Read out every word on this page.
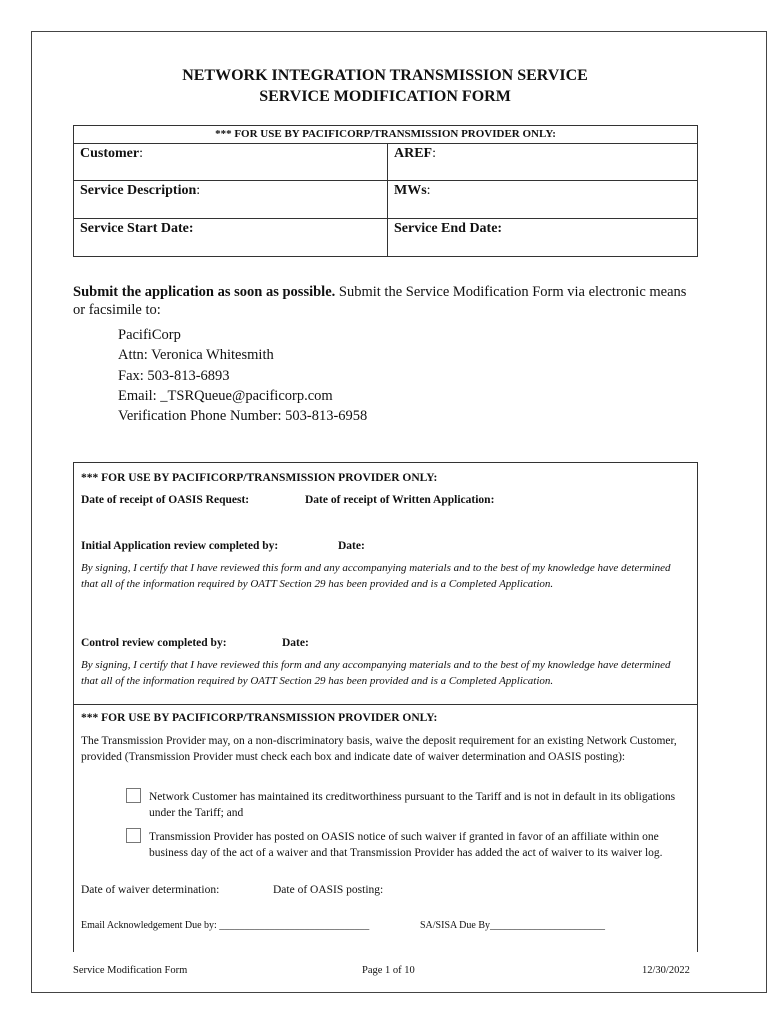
NETWORK INTEGRATION TRANSMISSION SERVICE
SERVICE MODIFICATION FORM
*** FOR USE BY PACIFICORP/TRANSMISSION PROVIDER ONLY:
Customer:	AREF:
Service Description:	MWs:
Service Start Date:	Service End Date:
Submit the application as soon as possible. Submit the Service Modification Form via electronic means or facsimile to:
PacifiCorp
Attn: Veronica Whitesmith
Fax: 503-813-6893
Email: _TSRQueue@pacificorp.com
Verification Phone Number: 503-813-6958
*** FOR USE BY PACIFICORP/TRANSMISSION PROVIDER ONLY:
Date of receipt of OASIS Request:	Date of receipt of Written Application:
Initial Application review completed by:	Date:
By signing, I certify that I have reviewed this form and any accompanying materials and to the best of my knowledge have determined that all of the information required by OATT Section 29 has been provided and is a Completed Application.
Control review completed by:	Date:
By signing, I certify that I have reviewed this form and any accompanying materials and to the best of my knowledge have determined that all of the information required by OATT Section 29 has been provided and is a Completed Application.
*** FOR USE BY PACIFICORP/TRANSMISSION PROVIDER ONLY:
The Transmission Provider may, on a non-discriminatory basis, waive the deposit requirement for an existing Network Customer, provided (Transmission Provider must check each box and indicate date of waiver determination and OASIS posting):
Network Customer has maintained its creditworthiness pursuant to the Tariff and is not in default in its obligations under the Tariff; and
Transmission Provider has posted on OASIS notice of such waiver if granted in favor of an affiliate within one business day of the act of a waiver and that Transmission Provider has added the act of waiver to its waiver log.
Date of waiver determination:	Date of OASIS posting:
Email Acknowledgement Due by: ______________________________	SA/SISA Due By_______________________
Service Modification Form	Page 1 of 10	12/30/2022
